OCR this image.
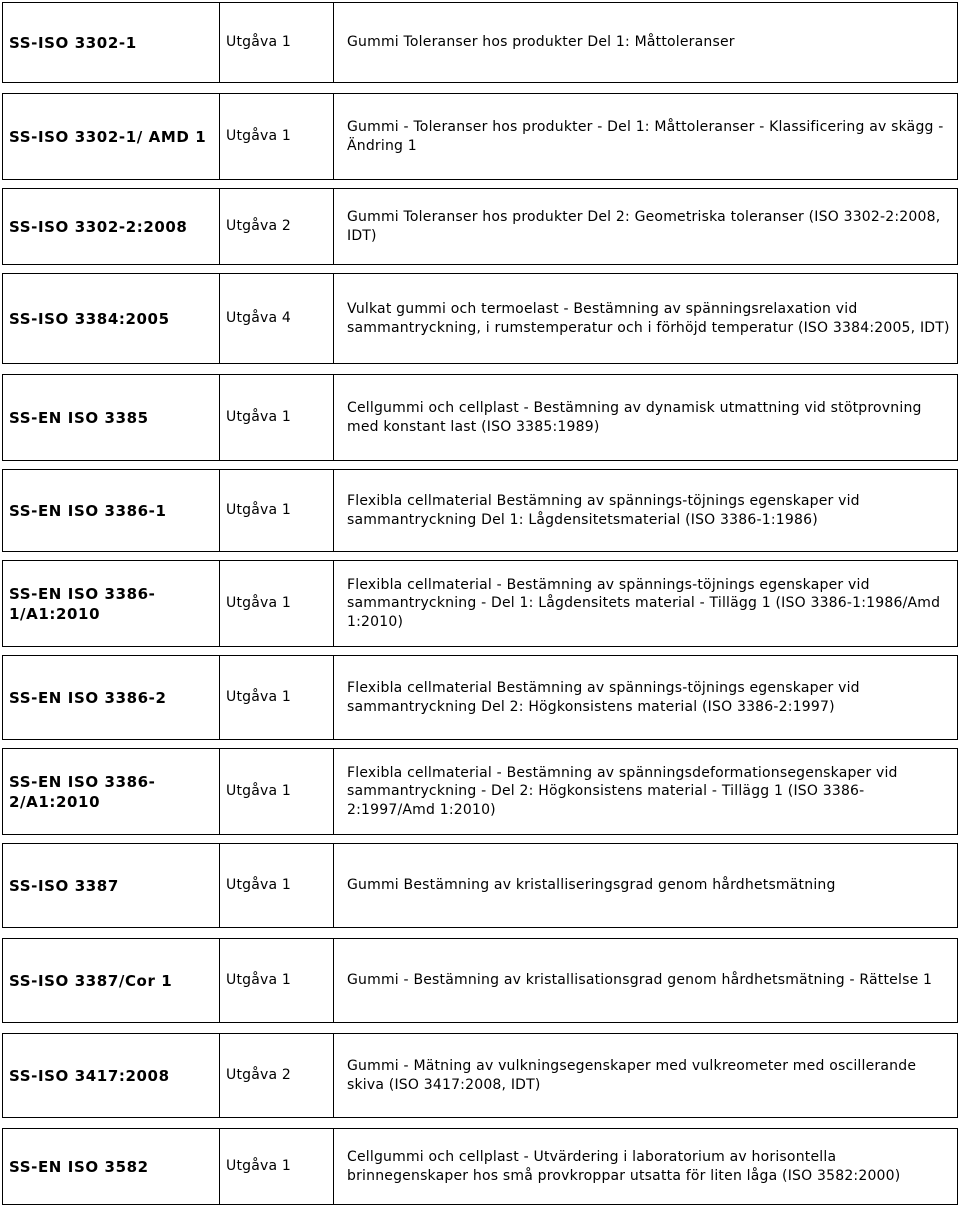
SS-ISO 3302-1	Utgåva 1	Gummi Toleranser hos produkter Del 1: Måttoleranser

SS-ISO 3302-1/ AMD 1	Utgåva 1	Gummi - Toleranser hos produkter - Del 1: Måttoleranser - Klassificering av skägg - Ändring 1

SS-ISO 3302-2:2008	Utgåva 2	Gummi Toleranser hos produkter Del 2: Geometriska toleranser (ISO 3302-2:2008, IDT)

SS-ISO 3384:2005	Utgåva 4	Vulkat gummi och termoelast - Bestämning av spänningsrelaxation vid sammantryckning, i rumstemperatur och i förhöjd temperatur (ISO 3384:2005, IDT)

SS-EN ISO 3385	Utgåva 1	Cellgummi och cellplast - Bestämning av dynamisk utmattning vid stötprovning med konstant last (ISO 3385:1989)

SS-EN ISO 3386-1	Utgåva 1	Flexibla cellmaterial Bestämning av spännings-töjnings egenskaper vid sammantryckning Del 1: Lågdensitetsmaterial (ISO 3386-1:1986)

SS-EN ISO 3386-1/A1:2010	Utgåva 1	Flexibla cellmaterial - Bestämning av spännings-töjnings egenskaper vid sammantryckning - Del 1: Lågdensitets material - Tillägg 1 (ISO 3386-1:1986/Amd 1:2010)

SS-EN ISO 3386-2	Utgåva 1	Flexibla cellmaterial Bestämning av spännings-töjnings egenskaper vid sammantryckning Del 2: Högkonsistens material (ISO 3386-2:1997)

SS-EN ISO 3386-2/A1:2010	Utgåva 1	Flexibla cellmaterial - Bestämning av spänningsdeformationsegenskaper vid sammantryckning - Del 2: Högkonsistens material - Tillägg 1 (ISO 3386-2:1997/Amd 1:2010)

SS-ISO 3387	Utgåva 1	Gummi Bestämning av kristalliseringsgrad genom hårdhetsmätning

SS-ISO 3387/Cor 1	Utgåva 1	Gummi - Bestämning av kristallisationsgrad genom hårdhetsmätning - Rättelse 1

SS-ISO 3417:2008	Utgåva 2	Gummi - Mätning av vulkningsegenskaper med vulkreometer med oscillerande skiva (ISO 3417:2008, IDT)

SS-EN ISO 3582	Utgåva 1	Cellgummi och cellplast - Utvärdering i laboratorium av horisontella brinnegenskaper hos små provkroppar utsatta för liten låga (ISO 3582:2000)
